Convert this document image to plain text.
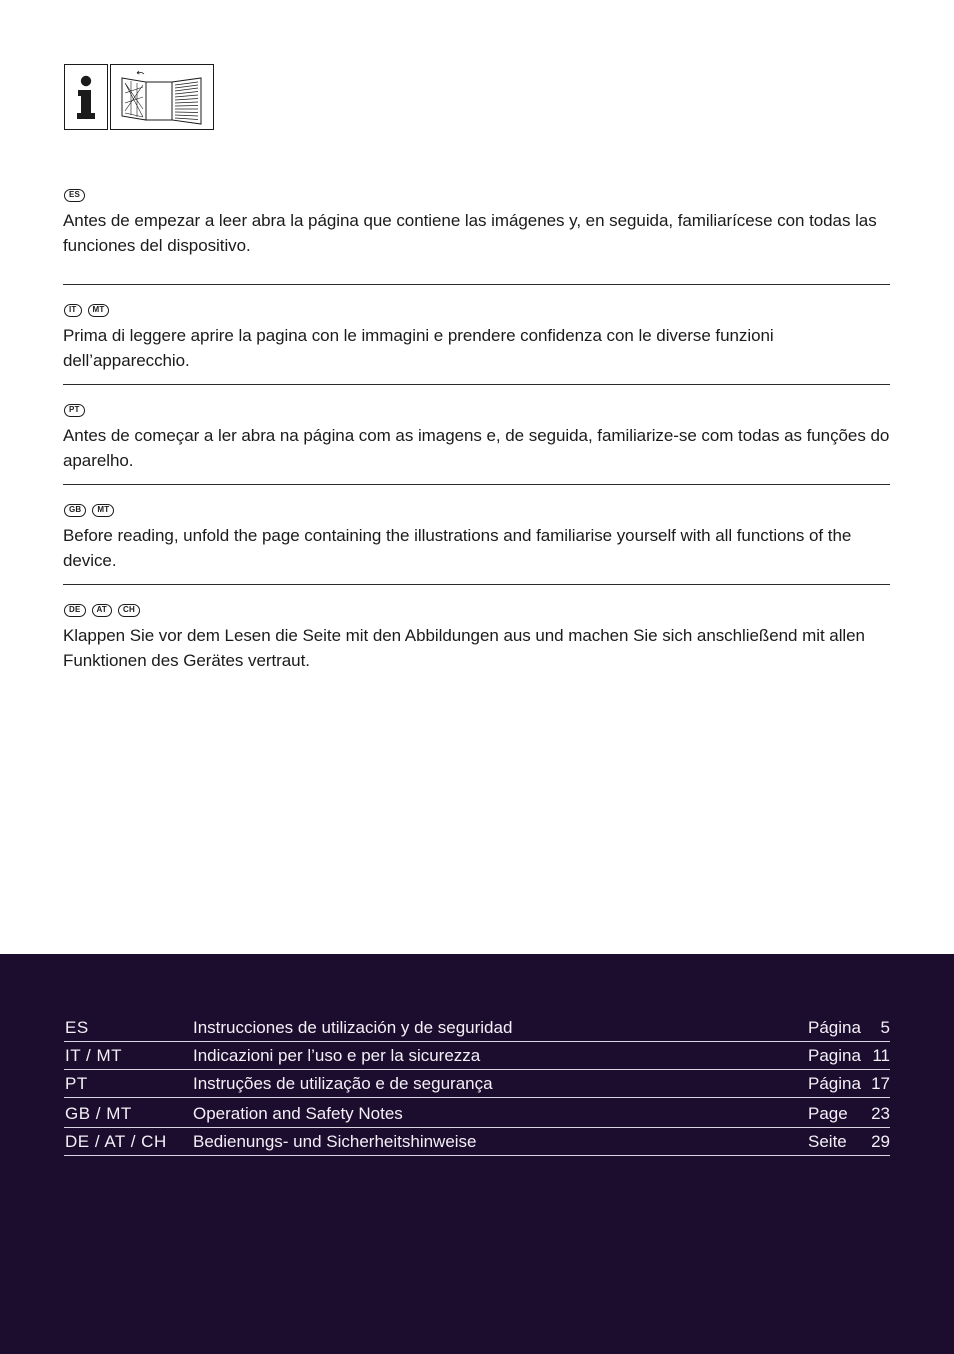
ES

Antes de empezar a leer abra la página que contiene las imágenes y, en seguida, familiarícese con todas las funciones del dispositivo.

IT	MT

Prima di leggere aprire la pagina con le immagini e prendere confidenza con le diverse funzioni dell’apparecchio.

PT

Antes de começar a ler abra na página com as imagens e, de seguida, familiarize-se com todas as funções do aparelho.

GB	MT

Before reading, unfold the page containing the illustrations and familiarise yourself with all functions of the device.

DE	AT	CH

Klappen Sie vor dem Lesen die Seite mit den Abbildungen aus und machen Sie sich anschließend mit allen Funktionen des Gerätes vertraut.

ES	Instrucciones de utilización y de seguridad	Página	5
IT / MT	Indicazioni per l’uso e per la sicurezza	Pagina 11
PT	Instruções de utilização e de segurança	Página 17
GB / MT	Operation and Safety Notes	Page	23
DE / AT / CH	Bedienungs- und Sicherheitshinweise	Seite	29
